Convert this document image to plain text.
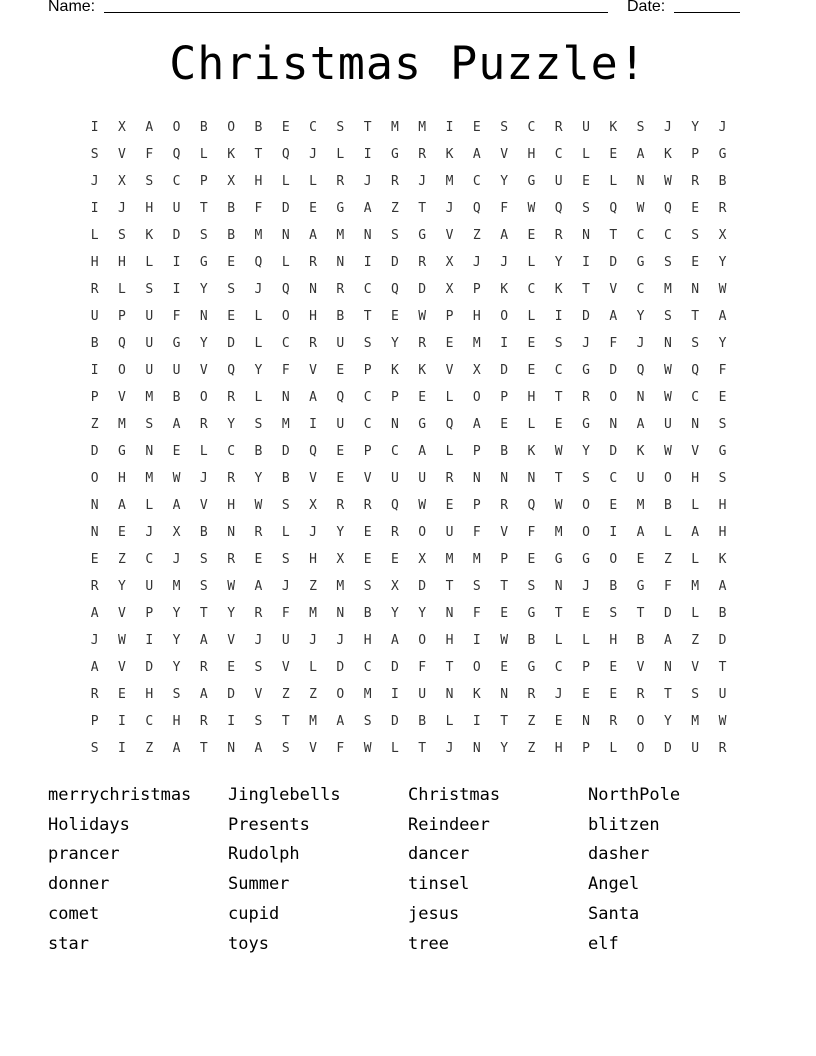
Name:	Date:
Christmas Puzzle!
I	X	A	O	B	O	B	E	C	S	T	M	M	I	E	S	C	R	U	K	S	J	Y	J
S	V	F	Q	L	K	T	Q	J	L	I	G	R	K	A	V	H	C	L	E	A	K	P	G
J	X	S	C	P	X	H	L	L	R	J	R	J	M	C	Y	G	U	E	L	N	W	R	B
I	J	H	U	T	B	F	D	E	G	A	Z	T	J	Q	F	W	Q	S	Q	W	Q	E	R
L	S	K	D	S	B	M	N	A	M	N	S	G	V	Z	A	E	R	N	T	C	C	S	X
H	H	L	I	G	E	Q	L	R	N	I	D	R	X	J	J	L	Y	I	D	G	S	E	Y
R	L	S	I	Y	S	J	Q	N	R	C	Q	D	X	P	K	C	K	T	V	C	M	N	W
U	P	U	F	N	E	L	O	H	B	T	E	W	P	H	O	L	I	D	A	Y	S	T	A
B	Q	U	G	Y	D	L	C	R	U	S	Y	R	E	M	I	E	S	J	F	J	N	S	Y
I	O	U	U	V	Q	Y	F	V	E	P	K	K	V	X	D	E	C	G	D	Q	W	Q	F
P	V	M	B	O	R	L	N	A	Q	C	P	E	L	O	P	H	T	R	O	N	W	C	E
Z	M	S	A	R	Y	S	M	I	U	C	N	G	Q	A	E	L	E	G	N	A	U	N	S
D	G	N	E	L	C	B	D	Q	E	P	C	A	L	P	B	K	W	Y	D	K	W	V	G
O	H	M	W	J	R	Y	B	V	E	V	U	U	R	N	N	N	T	S	C	U	O	H	S
N	A	L	A	V	H	W	S	X	R	R	Q	W	E	P	R	Q	W	O	E	M	B	L	H
N	E	J	X	B	N	R	L	J	Y	E	R	O	U	F	V	F	M	O	I	A	L	A	H
E	Z	C	J	S	R	E	S	H	X	E	E	X	M	M	P	E	G	G	O	E	Z	L	K
R	Y	U	M	S	W	A	J	Z	M	S	X	D	T	S	T	S	N	J	B	G	F	M	A
A	V	P	Y	T	Y	R	F	M	N	B	Y	Y	N	F	E	G	T	E	S	T	D	L	B
J	W	I	Y	A	V	J	U	J	J	H	A	O	H	I	W	B	L	L	H	B	A	Z	D
A	V	D	Y	R	E	S	V	L	D	C	D	F	T	O	E	G	C	P	E	V	N	V	T
R	E	H	S	A	D	V	Z	Z	O	M	I	U	N	K	N	R	J	E	E	R	T	S	U
P	I	C	H	R	I	S	T	M	A	S	D	B	L	I	T	Z	E	N	R	O	Y	M	W
S	I	Z	A	T	N	A	S	V	F	W	L	T	J	N	Y	Z	H	P	L	O	D	U	R
merrychristmas	Jinglebells	Christmas	NorthPole
Holidays	Presents	Reindeer	blitzen
prancer	Rudolph	dancer	dasher
donner	Summer	tinsel	Angel
comet	cupid	jesus	Santa
star	toys	tree	elf
